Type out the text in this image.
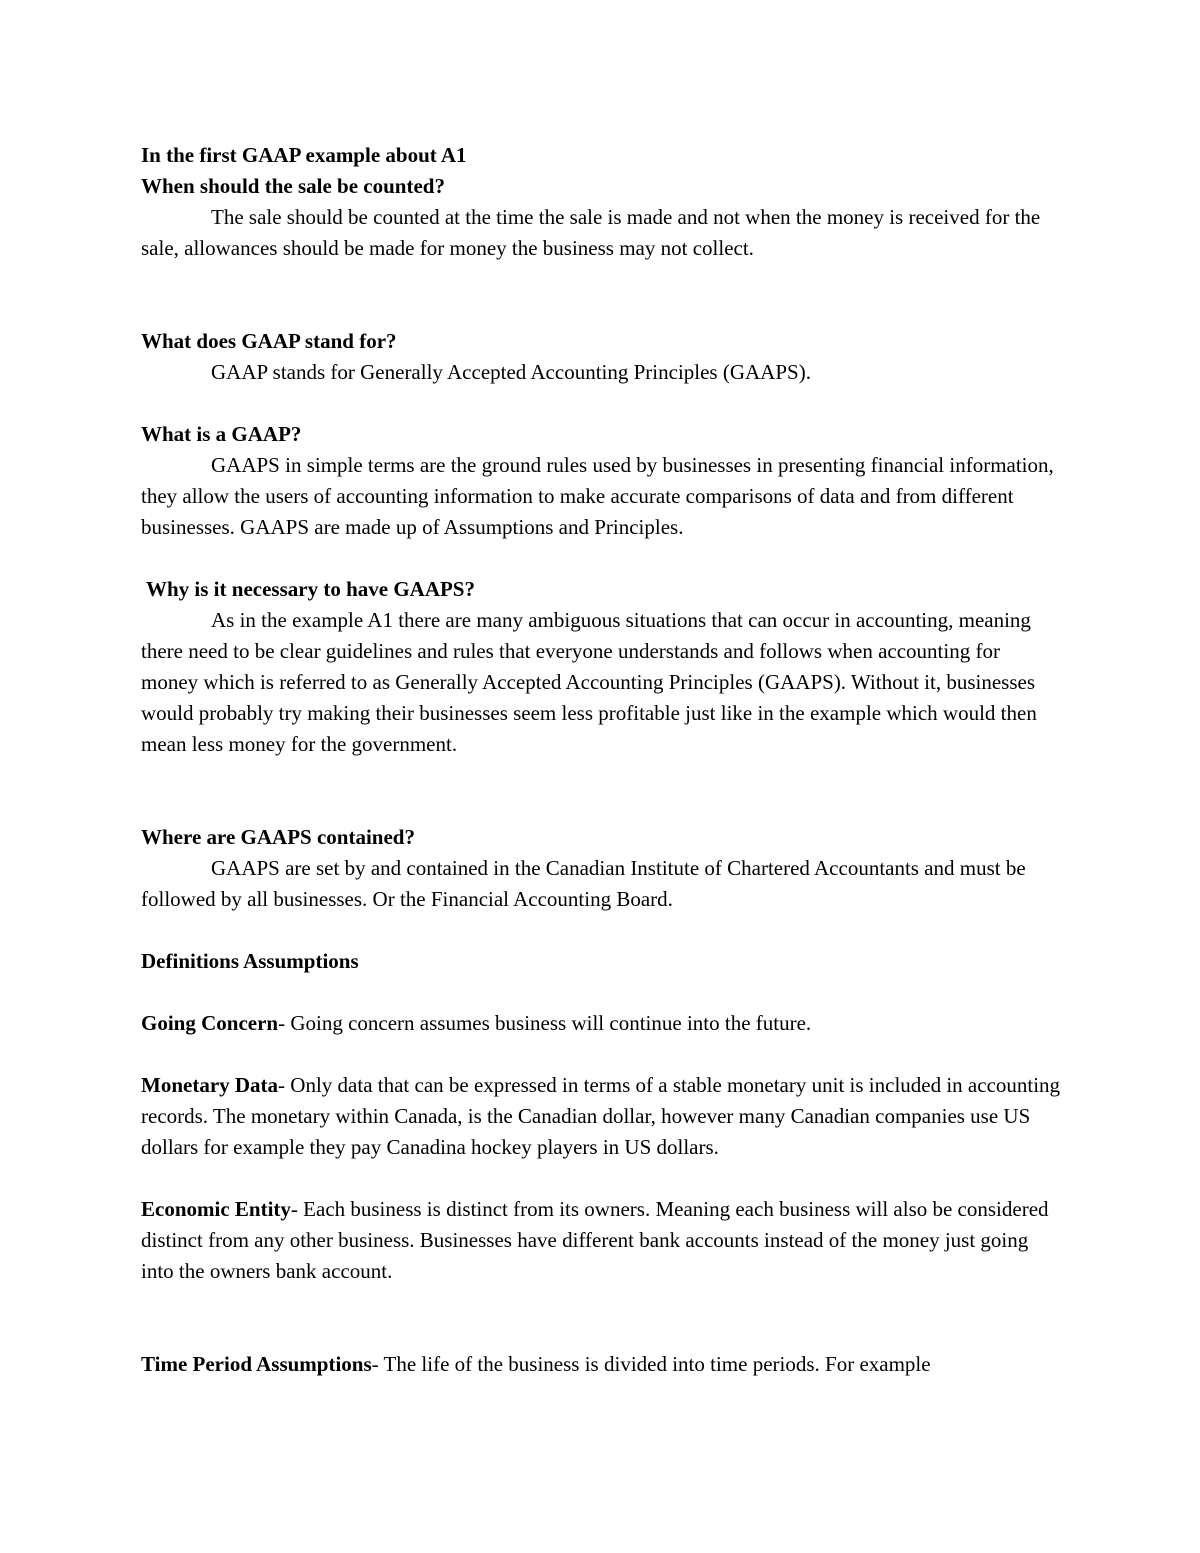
In the first GAAP example about A1

When should the sale be counted?

The sale should be counted at the time the sale is made and not when the money is received for the sale, allowances should be made for money the business may not collect.

What does GAAP stand for?

GAAP stands for Generally Accepted Accounting Principles (GAAPS).

What is a GAAP?

GAAPS in simple terms are the ground rules used by businesses in presenting financial information, they allow the users of accounting information to make accurate comparisons of data and from different businesses. GAAPS are made up of Assumptions and Principles.

Why is it necessary to have GAAPS?

As in the example A1 there are many ambiguous situations that can occur in accounting, meaning there need to be clear guidelines and rules that everyone understands and follows when accounting for money which is referred to as Generally Accepted Accounting Principles (GAAPS). Without it, businesses would probably try making their businesses seem less profitable just like in the example which would then mean less money for the government.

Where are GAAPS contained?

GAAPS are set by and contained in the Canadian Institute of Chartered Accountants and must be followed by all businesses. Or the Financial Accounting Board.

Definitions Assumptions

Going Concern- Going concern assumes business will continue into the future.

Monetary Data- Only data that can be expressed in terms of a stable monetary unit is included in accounting records. The monetary within Canada, is the Canadian dollar, however many Canadian companies use US dollars for example they pay Canadina hockey players in US dollars.

Economic Entity- Each business is distinct from its owners. Meaning each business will also be considered distinct from any other business. Businesses have different bank accounts instead of the money just going into the owners bank account.

Time Period Assumptions- The life of the business is divided into time periods. For example
